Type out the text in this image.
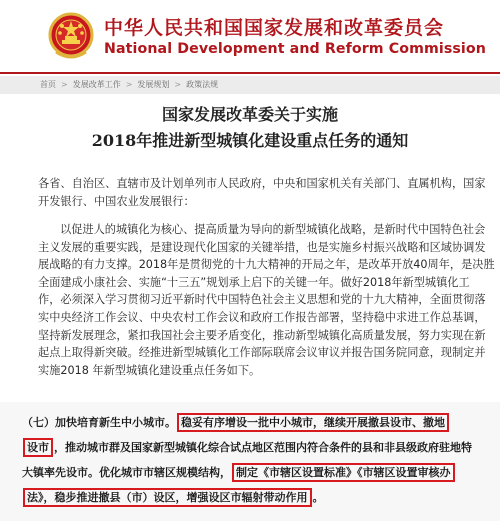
中华人民共和国国家发展和改革委员会
National Development and Reform Commission
首页 > 发展改革工作 > 发展规划 > 政策法规
国家发展改革委关于实施
2018年推进新型城镇化建设重点任务的通知
各省、自治区、直辖市及计划单列市人民政府，中央和国家机关有关部门、直属机构，国家
开发银行、中国农业发展银行：
以促进人的城镇化为核心、提高质量为导向的新型城镇化战略，是新时代中国特色社会
主义发展的重要实践，是建设现代化国家的关键举措，也是实施乡村振兴战略和区域协调发
展战略的有力支撑。2018年是贯彻党的十九大精神的开局之年，是改革开放40周年，是决胜
全面建成小康社会、实施“十三五”规划承上启下的关键一年。做好2018年新型城镇化工
作，必须深入学习贯彻习近平新时代中国特色社会主义思想和党的十九大精神，全面贯彻落
实中央经济工作会议、中央农村工作会议和政府工作报告部署，坚持稳中求进工作总基调，
坚持新发展理念，紧扣我国社会主要矛盾变化，推动新型城镇化高质量发展，努力实现在新
起点上取得新突破。经推进新型城镇化工作部际联席会议审议并报告国务院同意，现制定并
实施2018 年新型城镇化建设重点任务如下。
（七）加快培育新生中小城市。 稳妥有序增设一批中小城市，继续开展撤县设市、撤地
设市 ，推动城市群及国家新型城镇化综合试点地区范围内符合条件的县和非县级政府驻地特
大镇率先设市。优化城市市辖区规模结构， 制定《市辖区设置标准》《市辖区设置审核办
法》，稳步推进撤县（市）设区，增强设区市辐射带动作用 。
